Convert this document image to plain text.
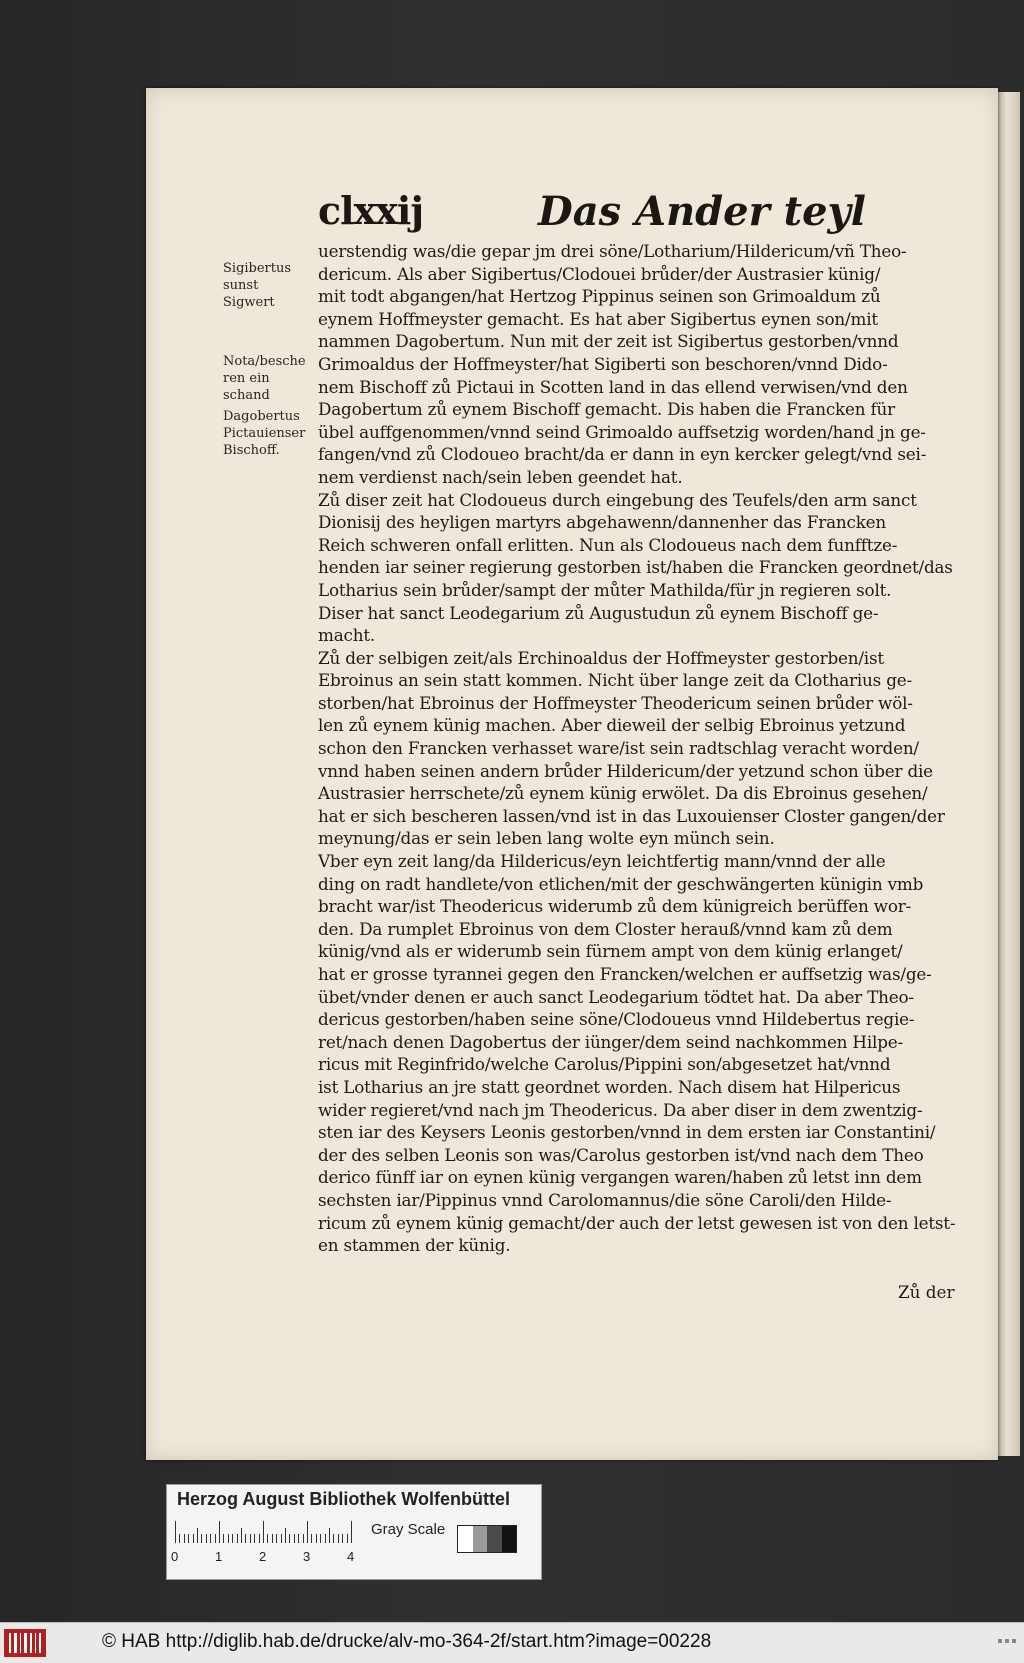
clxxij	Das Ander teyl
Sigibertus sunst Sigwert
Nota/besche ren ein schand
Dagobertus Pictauienser Bischoff.
uerstendig was/die gepar jm drei söne/Lotharium/Hildericum/vñ Theo-
dericum. Als aber Sigibertus/Clodouei brůder/der Austrasier künig/
mit todt abgangen/hat Hertzog Pippinus seinen son Grimoaldum zů
eynem Hoffmeyster gemacht. Es hat aber Sigibertus eynen son/mit
nammen Dagobertum. Nun mit der zeit ist Sigibertus gestorben/vnnd
Grimoaldus der Hoffmeyster/hat Sigiberti son beschoren/vnnd Dido-
nem Bischoff zů Pictaui in Scotten land in das ellend verwisen/vnd den
Dagobertum zů eynem Bischoff gemacht. Dis haben die Francken für
übel auffgenommen/vnnd seind Grimoaldo auffsetzig worden/hand jn ge-
fangen/vnd zů Clodoueo bracht/da er dann in eyn kercker gelegt/vnd sei-
nem verdienst nach/sein leben geendet hat.
Zů diser zeit hat Clodoueus durch eingebung des Teufels/den arm sanct
Dionisij des heyligen martyrs abgehawenn/dannenher das Francken
Reich schweren onfall erlitten. Nun als Clodoueus nach dem funfftze-
henden iar seiner regierung gestorben ist/haben die Francken geordnet/das
Lotharius sein brůder/sampt der můter Mathilda/für jn regieren solt.
Diser hat sanct Leodegarium zů Augustudun zů eynem Bischoff ge-
macht.
Zů der selbigen zeit/als Erchinoaldus der Hoffmeyster gestorben/ist
Ebroinus an sein statt kommen. Nicht über lange zeit da Clotharius ge-
storben/hat Ebroinus der Hoffmeyster Theodericum seinen brůder wöl-
len zů eynem künig machen. Aber dieweil der selbig Ebroinus yetzund
schon den Francken verhasset ware/ist sein radtschlag veracht worden/
vnnd haben seinen andern brůder Hildericum/der yetzund schon über die
Austrasier herrschete/zů eynem künig erwölet. Da dis Ebroinus gesehen/
hat er sich bescheren lassen/vnd ist in das Luxouienser Closter gangen/der
meynung/das er sein leben lang wolte eyn münch sein.
Vber eyn zeit lang/da Hildericus/eyn leichtfertig mann/vnnd der alle
ding on radt handlete/von etlichen/mit der geschwängerten künigin vmb
bracht war/ist Theodericus widerumb zů dem künigreich berüffen wor-
den. Da rumplet Ebroinus von dem Closter herauß/vnnd kam zů dem
künig/vnd als er widerumb sein fürnem ampt von dem künig erlanget/
hat er grosse tyrannei gegen den Francken/welchen er auffsetzig was/ge-
übet/vnder denen er auch sanct Leodegarium tödtet hat. Da aber Theo-
dericus gestorben/haben seine söne/Clodoueus vnnd Hildebertus regie-
ret/nach denen Dagobertus der iünger/dem seind nachkommen Hilpe-
ricus mit Reginfrido/welche Carolus/Pippini son/abgesetzet hat/vnnd
ist Lotharius an jre statt geordnet worden. Nach disem hat Hilpericus
wider regieret/vnd nach jm Theodericus. Da aber diser in dem zwentzig-
sten iar des Keysers Leonis gestorben/vnnd in dem ersten iar Constantini/
der des selben Leonis son was/Carolus gestorben ist/vnd nach dem Theo
derico fünff iar on eynen künig vergangen waren/haben zů letst inn dem
sechsten iar/Pippinus vnnd Carolomannus/die söne Caroli/den Hilde-
ricum zů eynem künig gemacht/der auch der letst gewesen ist von den letst-
en stammen der künig.
Zů der
Herzog August Bibliothek Wolfenbüttel
0	1	2	3	4
Gray Scale
© HAB http://diglib.hab.de/drucke/alv-mo-364-2f/start.htm?image=00228
